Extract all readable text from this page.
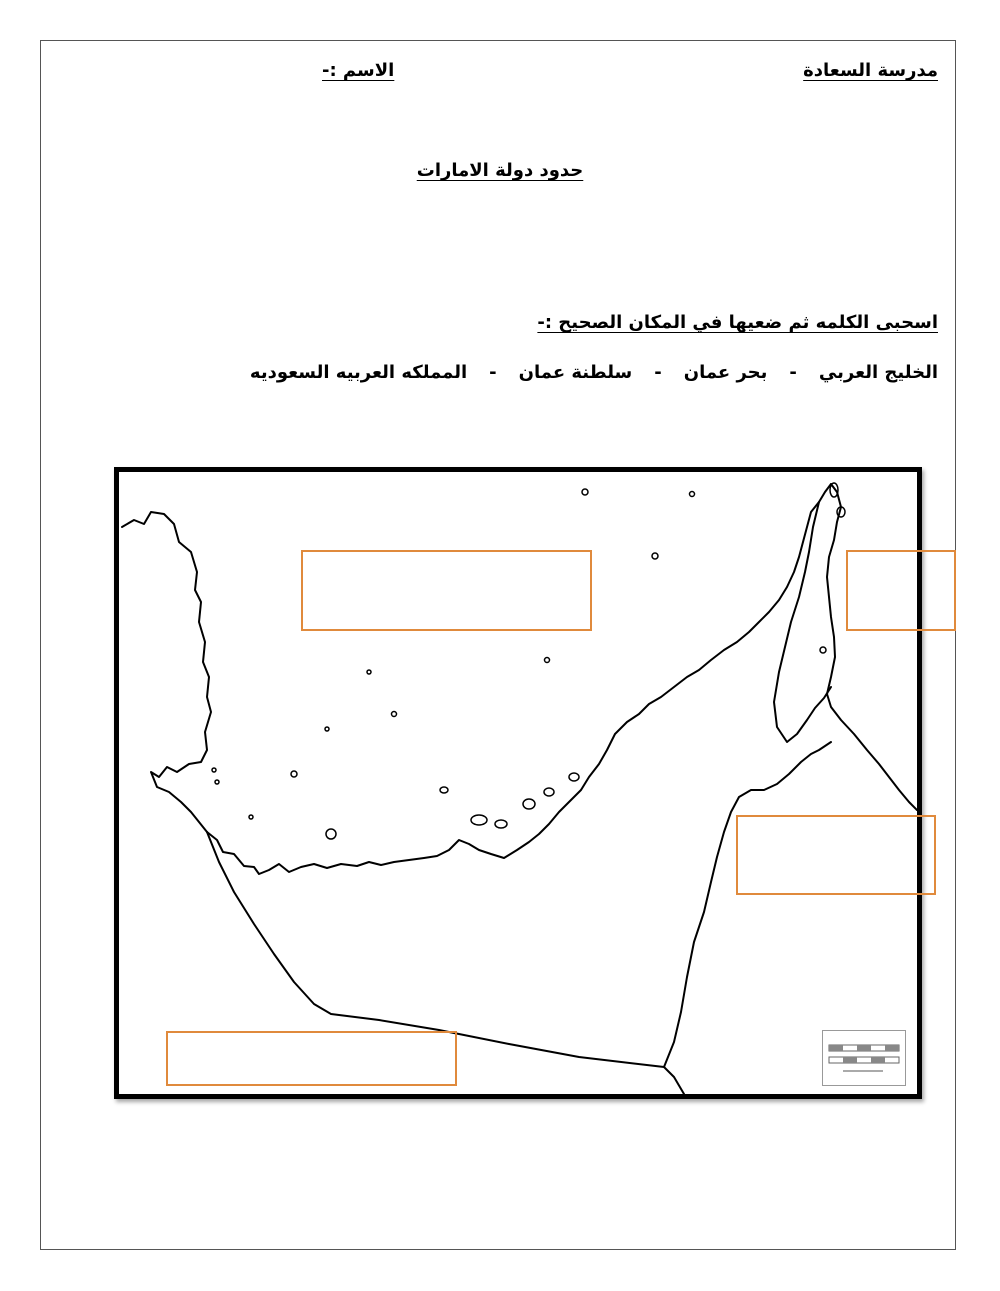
مدرسة السعادة
الاسم :-
حدود دولة الامارات
اسحبى الكلمه ثم ضعيها في المكان الصحيح :-
الخليج العربي
-
بحر عمان
-
سلطنة عمان
-
المملكه العربيه السعوديه
